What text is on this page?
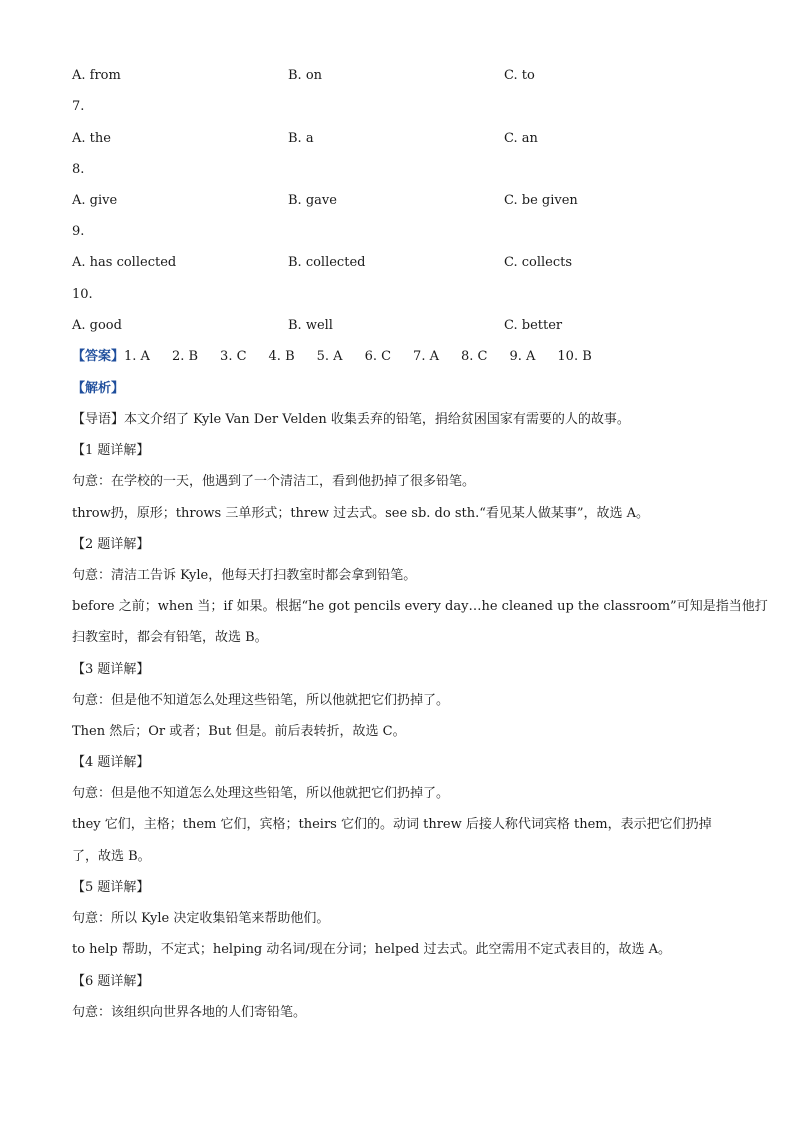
A. from	B. on	C. to
7.
A. the	B. a	C. an
8.
A. give	B. gave	C. be given
9.
A. has collected	B. collected	C. collects
10.
A. good	B. well	C. better
【答案】1. A 2. B 3. C 4. B 5. A 6. C 7. A 8. C 9. A 10. B
【解析】
【导语】本文介绍了 Kyle Van Der Velden 收集丢弃的铅笔，捐给贫困国家有需要的人的故事。
【1 题详解】
句意：在学校的一天，他遇到了一个清洁工，看到他扔掉了很多铅笔。
throw扔，原形；throws 三单形式；threw 过去式。see sb. do sth.“看见某人做某事”，故选 A。
【2 题详解】
句意：清洁工告诉 Kyle，他每天打扫教室时都会拿到铅笔。
before 之前；when 当；if 如果。根据“he got pencils every day…he cleaned up the classroom”可知是指当他打
扫教室时，都会有铅笔，故选 B。
【3 题详解】
句意：但是他不知道怎么处理这些铅笔，所以他就把它们扔掉了。
Then 然后；Or 或者；But 但是。前后表转折，故选 C。
【4 题详解】
句意：但是他不知道怎么处理这些铅笔，所以他就把它们扔掉了。
they 它们，主格；them 它们，宾格；theirs 它们的。动词 threw 后接人称代词宾格 them，表示把它们扔掉
了，故选 B。
【5 题详解】
句意：所以 Kyle 决定收集铅笔来帮助他们。
to help 帮助，不定式；helping 动名词/现在分词；helped 过去式。此空需用不定式表目的，故选 A。
【6 题详解】
句意：该组织向世界各地的人们寄铅笔。
